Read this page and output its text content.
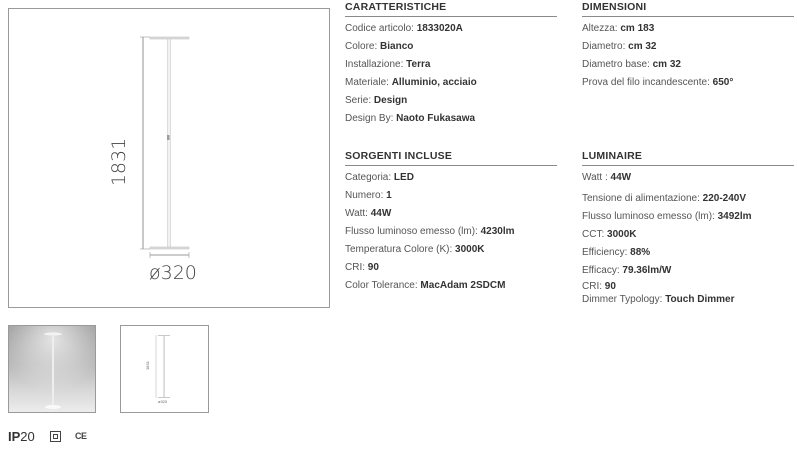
1831
ø320
CARATTERISTICHE
Codice articolo: 1833020A
Colore: Bianco
Installazione: Terra
Materiale: Alluminio, acciaio
Serie: Design
Design By: Naoto Fukasawa
DIMENSIONI
Altezza: cm 183
Diametro: cm 32
Diametro base: cm 32
Prova del filo incandescente: 650°
SORGENTI INCLUSE
Categoria: LED
Numero: 1
Watt: 44W
Flusso luminoso emesso (lm): 4230lm
Temperatura Colore (K): 3000K
CRI: 90
Color Tolerance: MacAdam 2SDCM
LUMINAIRE
Watt : 44W
Tensione di alimentazione: 220-240V
Flusso luminoso emesso (lm): 3492lm
CCT: 3000K
Efficiency: 88%
Efficacy: 79.36lm/W
CRI: 90
Dimmer Typology: Touch Dimmer
1831
ø320
IP20	CE
